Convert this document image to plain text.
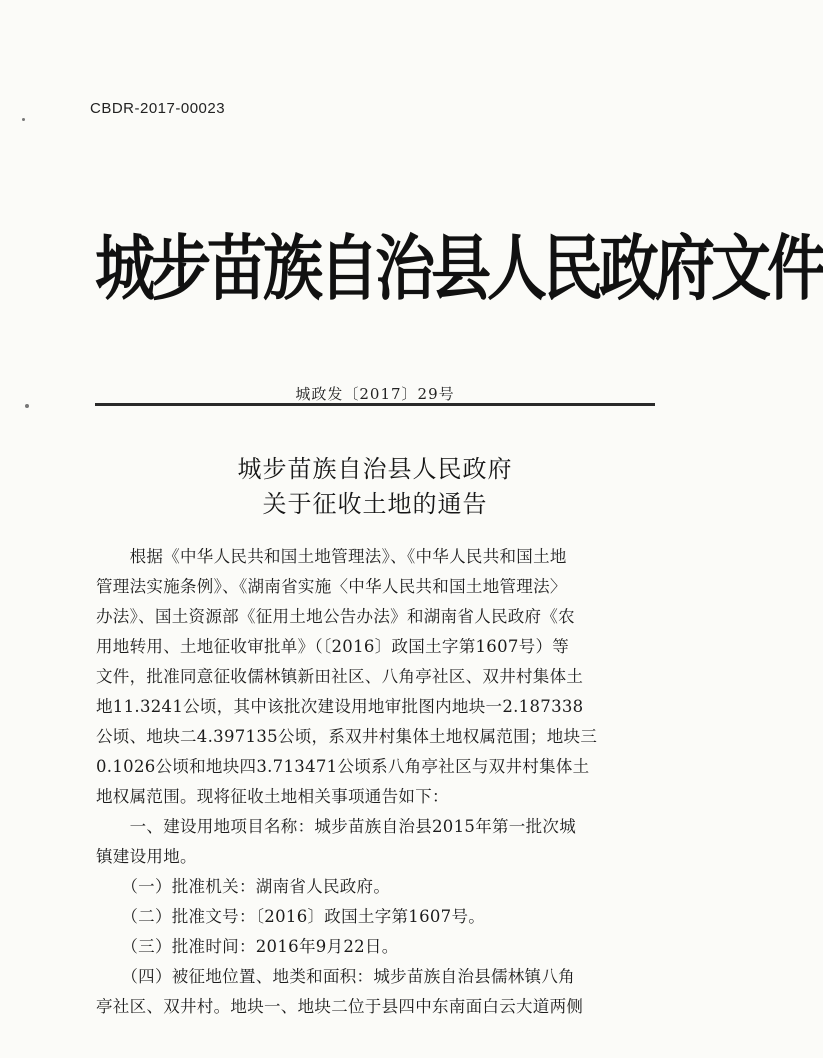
CBDR-2017-00023
城步苗族自治县人民政府文件
城政发〔2017〕29号
城步苗族自治县人民政府
关于征收土地的通告
　　根据《中华人民共和国土地管理法》、《中华人民共和国土地
管理法实施条例》、《湖南省实施〈中华人民共和国土地管理法〉
办法》、国土资源部《征用土地公告办法》和湖南省人民政府《农
用地转用、土地征收审批单》（〔2016〕政国土字第1607号）等
文件，批准同意征收儒林镇新田社区、八角亭社区、双井村集体土
地11.3241公顷，其中该批次建设用地审批图内地块一2.187338
公顷、地块二4.397135公顷，系双井村集体土地权属范围；地块三
0.1026公顷和地块四3.713471公顷系八角亭社区与双井村集体土
地权属范围。现将征收土地相关事项通告如下：
　　一、建设用地项目名称：城步苗族自治县2015年第一批次城
镇建设用地。
　　（一）批准机关：湖南省人民政府。
　　（二）批准文号：〔2016〕政国土字第1607号。
　　（三）批准时间：2016年9月22日。
　　（四）被征地位置、地类和面积：城步苗族自治县儒林镇八角
亭社区、双井村。地块一、地块二位于县四中东南面白云大道两侧
